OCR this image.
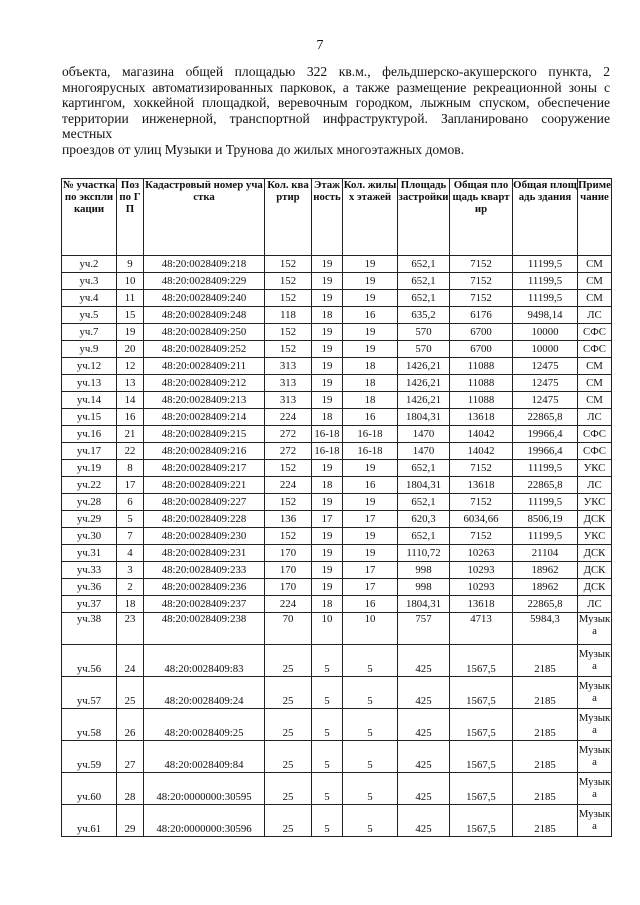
7

объекта, магазина общей площадью 322 кв.м., фельдшерско-акушерского пункта, 2 многоярусных автоматизированных парковок, а также размещение рекреационной зоны с картингом, хоккейной площадкой, веревочным городком, лыжным спуском, обеспечение территории инженерной, транспортной инфраструктурой. Запланировано сооружение местных
проездов от улиц Музыки и Трунова до жилых многоэтажных домов.

№ участка по экспликации	Поз по ГП	Кадастровый номер участка	Кол. квартир	Этажность	Кол. жилых этажей	Площадь застройки	Общая площадь квартир	Общая площадь здания	Примечание
уч.2	9	48:20:0028409:218	152	19	19	652,1	7152	11199,5	СМ
уч.3	10	48:20:0028409:229	152	19	19	652,1	7152	11199,5	СМ
уч.4	11	48:20:0028409:240	152	19	19	652,1	7152	11199,5	СМ
уч.5	15	48:20:0028409:248	118	18	16	635,2	6176	9498,14	ЛС
уч.7	19	48:20:0028409:250	152	19	19	570	6700	10000	СФС
уч.9	20	48:20:0028409:252	152	19	19	570	6700	10000	СФС
уч.12	12	48:20:0028409:211	313	19	18	1426,21	11088	12475	СМ
уч.13	13	48:20:0028409:212	313	19	18	1426,21	11088	12475	СМ
уч.14	14	48:20:0028409:213	313	19	18	1426,21	11088	12475	СМ
уч.15	16	48:20:0028409:214	224	18	16	1804,31	13618	22865,8	ЛС
уч.16	21	48:20:0028409:215	272	16-18	16-18	1470	14042	19966,4	СФС
уч.17	22	48:20:0028409:216	272	16-18	16-18	1470	14042	19966,4	СФС
уч.19	8	48:20:0028409:217	152	19	19	652,1	7152	11199,5	УКС
уч.22	17	48:20:0028409:221	224	18	16	1804,31	13618	22865,8	ЛС
уч.28	6	48:20:0028409:227	152	19	19	652,1	7152	11199,5	УКС
уч.29	5	48:20:0028409:228	136	17	17	620,3	6034,66	8506,19	ДСК
уч.30	7	48:20:0028409:230	152	19	19	652,1	7152	11199,5	УКС
уч.31	4	48:20:0028409:231	170	19	19	1110,72	10263	21104	ДСК
уч.33	3	48:20:0028409:233	170	19	17	998	10293	18962	ДСК
уч.36	2	48:20:0028409:236	170	19	17	998	10293	18962	ДСК
уч.37	18	48:20:0028409:237	224	18	16	1804,31	13618	22865,8	ЛС
уч.38	23	48:20:0028409:238	70	10	10	757	4713	5984,3	Музыка
уч.56	24	48:20:0028409:83	25	5	5	425	1567,5	2185	Музыка
уч.57	25	48:20:0028409:24	25	5	5	425	1567,5	2185	Музыка
уч.58	26	48:20:0028409:25	25	5	5	425	1567,5	2185	Музыка
уч.59	27	48:20:0028409:84	25	5	5	425	1567,5	2185	Музыка
уч.60	28	48:20:0000000:30595	25	5	5	425	1567,5	2185	Музыка
уч.61	29	48:20:0000000:30596	25	5	5	425	1567,5	2185	Музыка
